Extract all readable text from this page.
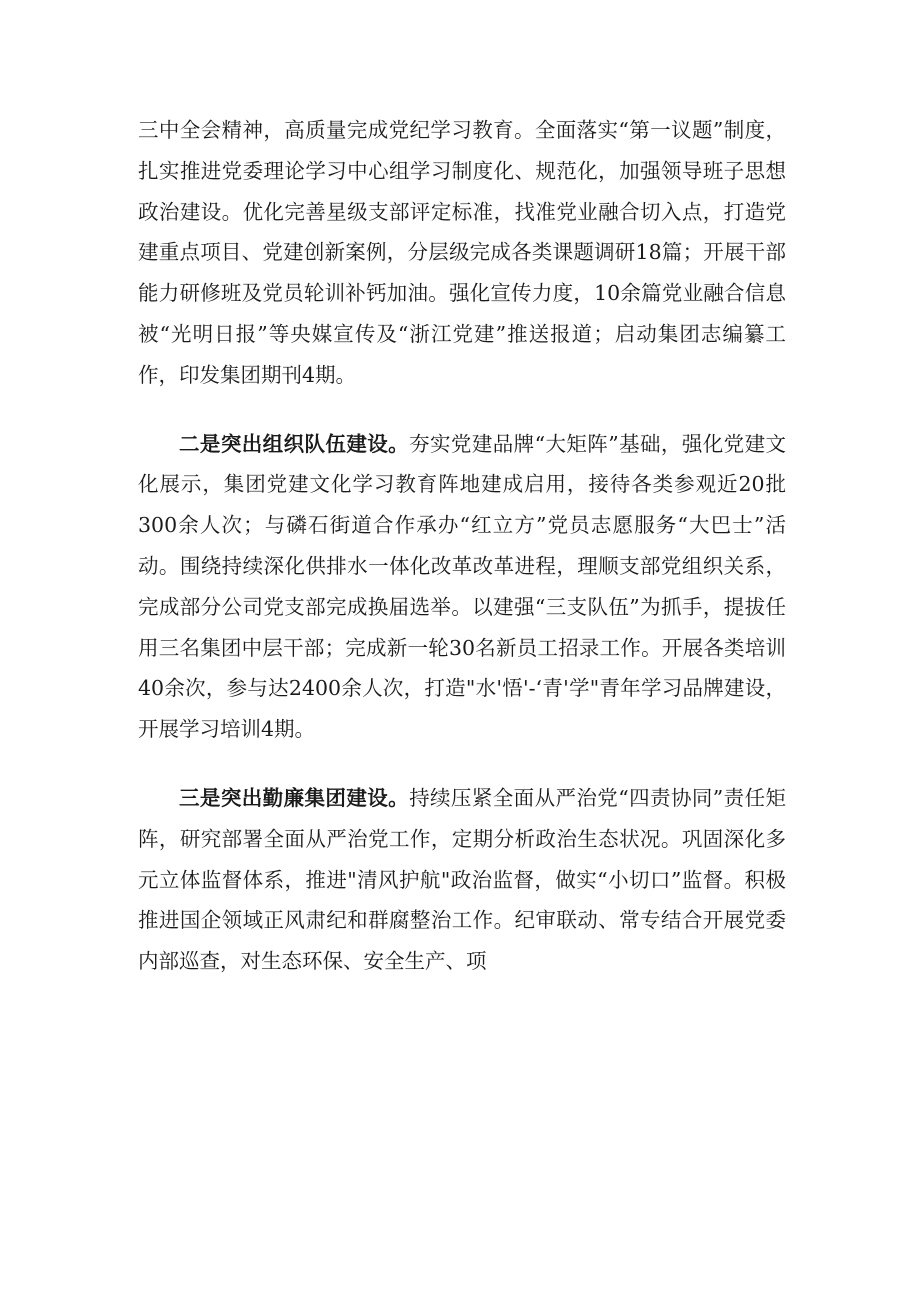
三中全会精神，高质量完成党纪学习教育。全面落实“第一议题”制度，扎实推进党委理论学习中心组学习制度化、规范化，加强领导班子思想政治建设。优化完善星级支部评定标准，找准党业融合切入点，打造党建重点项目、党建创新案例，分层级完成各类课题调研18篇；开展干部能力研修班及党员轮训补钙加油。强化宣传力度，10余篇党业融合信息被“光明日报”等央媒宣传及“浙江党建”推送报道；启动集团志编纂工作，印发集团期刊4期。

二是突出组织队伍建设。夯实党建品牌“大矩阵”基础，强化党建文化展示，集团党建文化学习教育阵地建成启用，接待各类参观近20批300余人次；与磷石街道合作承办“红立方”党员志愿服务“大巴士”活动。围绕持续深化供排水一体化改革改革进程，理顺支部党组织关系，完成部分公司党支部完成换届选举。以建强“三支队伍”为抓手，提拔任用三名集团中层干部；完成新一轮30名新员工招录工作。开展各类培训40余次，参与达2400余人次，打造"水'悟'-‘青'学"青年学习品牌建设，开展学习培训4期。

三是突出勤廉集团建设。持续压紧全面从严治党“四责协同”责任矩阵，研究部署全面从严治党工作，定期分析政治生态状况。巩固深化多元立体监督体系，推进"清风护航"政治监督，做实“小切口”监督。积极推进国企领域正风肃纪和群腐整治工作。纪审联动、常专结合开展党委内部巡查，对生态环保、安全生产、项
